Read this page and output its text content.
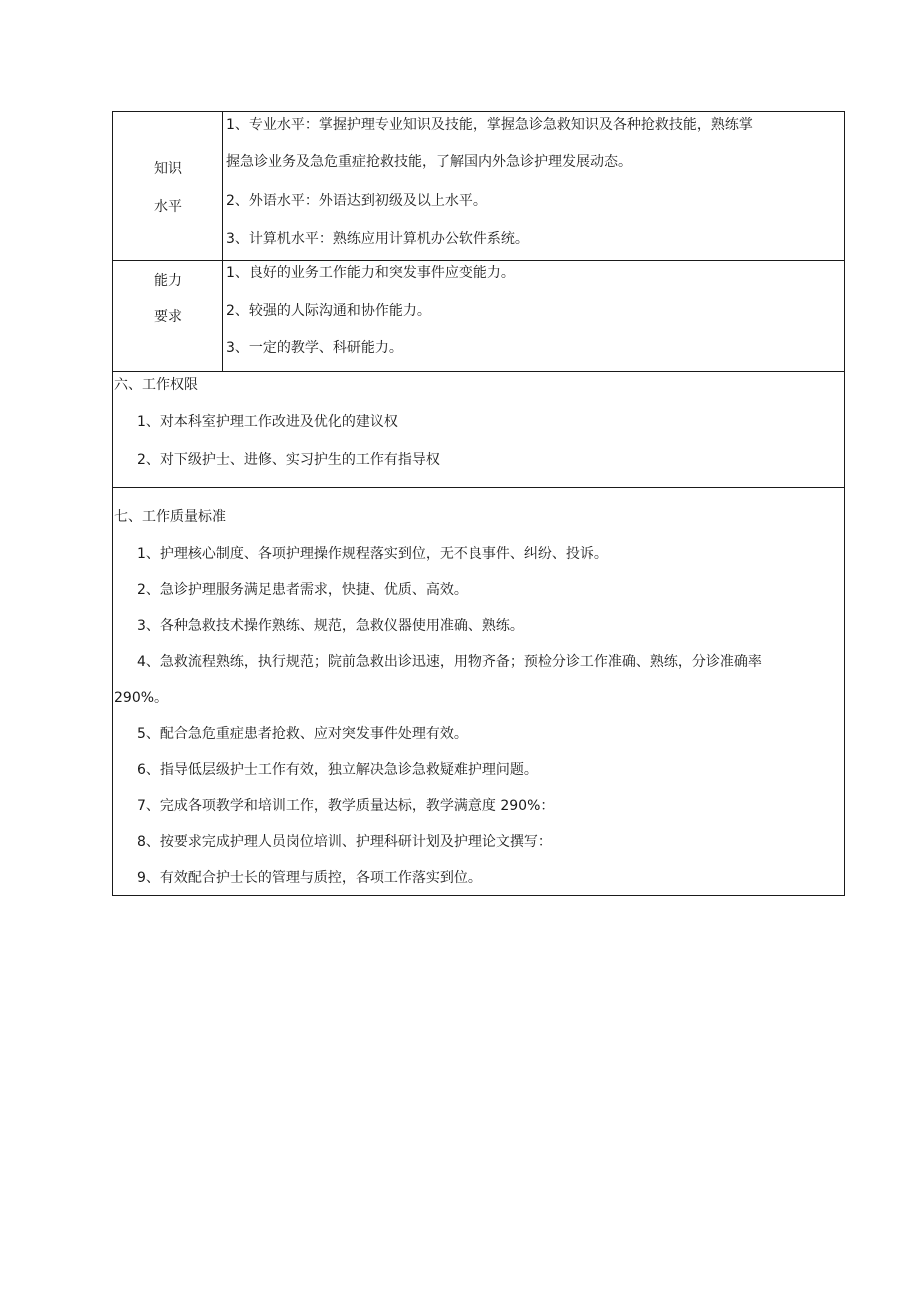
知识
水平
1、专业水平：掌握护理专业知识及技能，掌握急诊急救知识及各种抢救技能，熟练掌
握急诊业务及急危重症抢救技能，了解国内外急诊护理发展动态。
2、外语水平：外语达到初级及以上水平。
3、计算机水平：熟练应用计算机办公软件系统。
能力
要求
1、良好的业务工作能力和突发事件应变能力。
2、较强的人际沟通和协作能力。
3、一定的教学、科研能力。
六、工作权限
1、对本科室护理工作改进及优化的建议权
2、对下级护士、进修、实习护生的工作有指导权
七、工作质量标准
1、护理核心制度、各项护理操作规程落实到位，无不良事件、纠纷、投诉。
2、急诊护理服务满足患者需求，快捷、优质、高效。
3、各种急救技术操作熟练、规范，急救仪器使用准确、熟练。
4、急救流程熟练，执行规范；院前急救出诊迅速，用物齐备；预检分诊工作准确、熟练，分诊准确率
290%。
5、配合急危重症患者抢救、应对突发事件处理有效。
6、指导低层级护士工作有效，独立解决急诊急救疑难护理问题。
7、完成各项教学和培训工作，教学质量达标，教学满意度 290%：
8、按要求完成护理人员岗位培训、护理科研计划及护理论文撰写：
9、有效配合护士长的管理与质控，各项工作落实到位。
